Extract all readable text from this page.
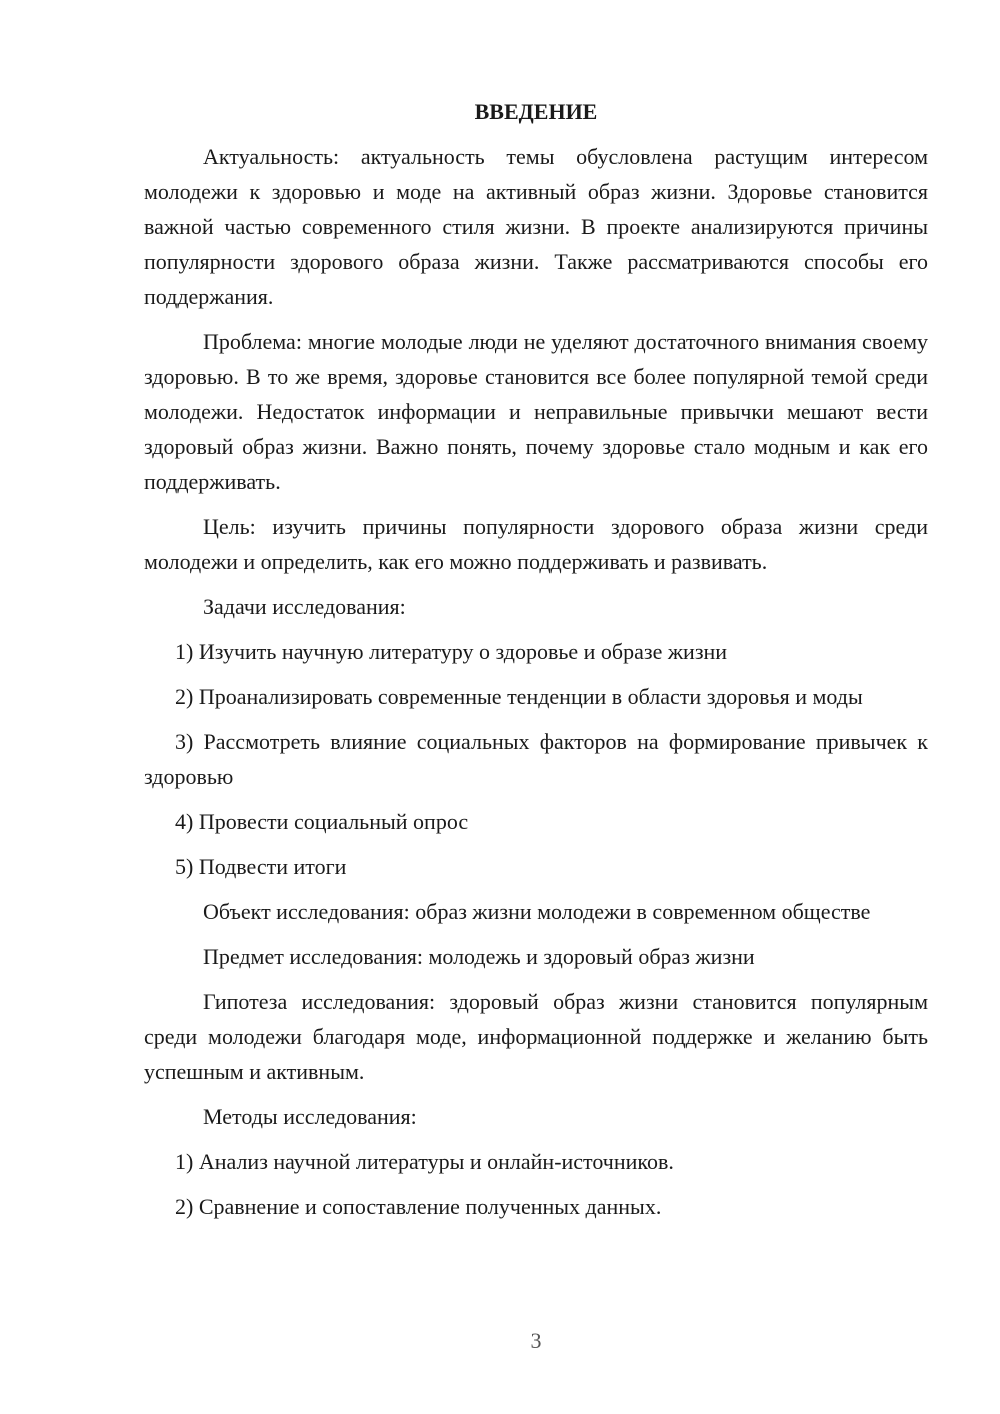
ВВЕДЕНИЕ

Актуальность: актуальность темы обусловлена растущим интересом молодежи к здоровью и моде на активный образ жизни. Здоровье становится важной частью современного стиля жизни. В проекте анализируются причины популярности здорового образа жизни. Также рассматриваются способы его поддержания.

Проблема: многие молодые люди не уделяют достаточного внимания своему здоровью. В то же время, здоровье становится все более популярной темой среди молодежи. Недостаток информации и неправильные привычки мешают вести здоровый образ жизни. Важно понять, почему здоровье стало модным и как его поддерживать.

Цель: изучить причины популярности здорового образа жизни среди молодежи и определить, как его можно поддерживать и развивать.

Задачи исследования:

1) Изучить научную литературу о здоровье и образе жизни

2) Проанализировать современные тенденции в области здоровья и моды

3) Рассмотреть влияние социальных факторов на формирование привычек к здоровью

4) Провести социальный опрос

5) Подвести итоги

Объект исследования: образ жизни молодежи в современном обществе

Предмет исследования: молодежь и здоровый образ жизни

Гипотеза исследования: здоровый образ жизни становится популярным среди молодежи благодаря моде, информационной поддержке и желанию быть успешным и активным.

Методы исследования:

1) Анализ научной литературы и онлайн-источников.

2) Сравнение и сопоставление полученных данных.

3
